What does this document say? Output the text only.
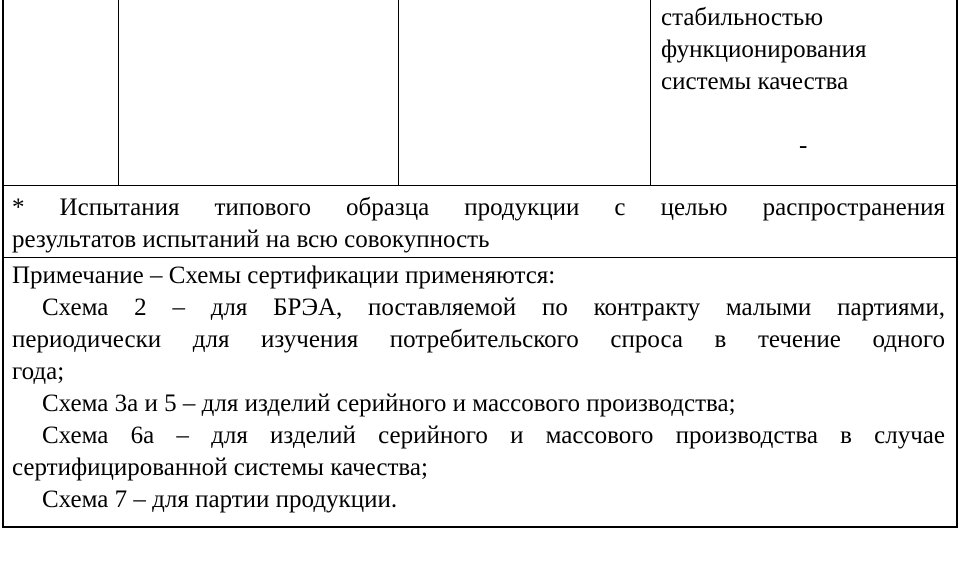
стабильностью
функционирования
системы качества
-
* Испытания типового образца продукции с целью распространения
результатов испытаний на всю совокупность
Примечание – Схемы сертификации применяются:
Схема 2 – для БРЭА, поставляемой по контракту малыми партиями,
периодически для изучения потребительского спроса в течение одного
года;
Схема 3а и 5 – для изделий серийного и массового производства;
Схема 6а – для изделий серийного и массового производства в случае
сертифицированной системы качества;
Схема 7 – для партии продукции.
